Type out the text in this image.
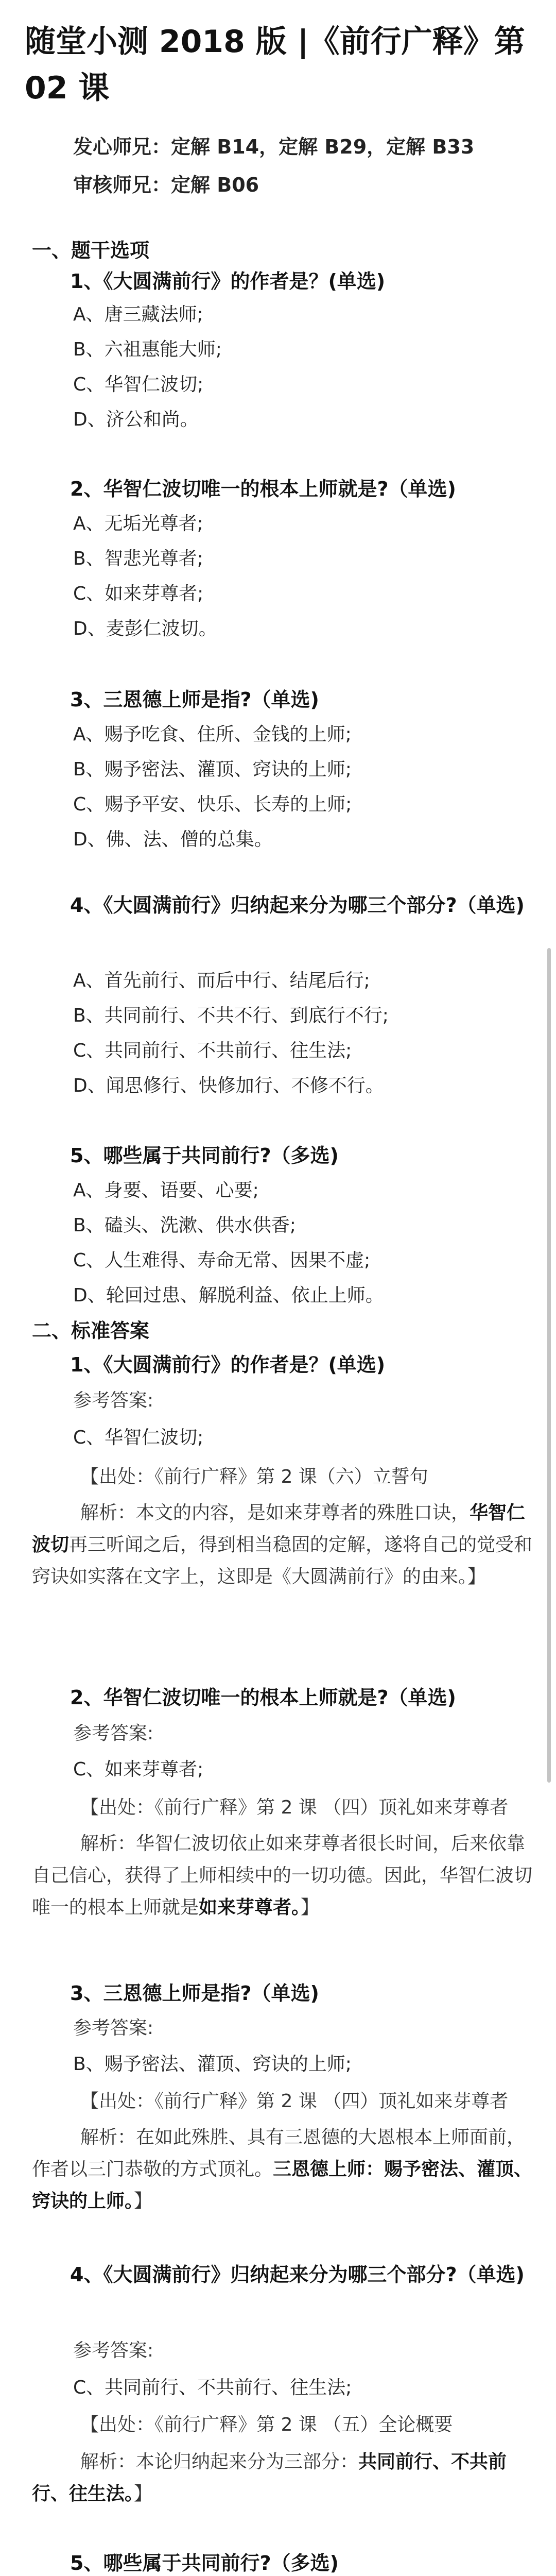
随堂小测 2018 版 |《前行广释》第 02 课
发心师兄：定解 B14，定解 B29，定解 B33
审核师兄：定解 B06
一、题干选项
1、《大圆满前行》的作者是？(单选)
A、唐三藏法师;
B、六祖惠能大师;
C、华智仁波切;
D、济公和尚。
2、华智仁波切唯一的根本上师就是?（单选)
A、无垢光尊者;
B、智悲光尊者;
C、如来芽尊者;
D、麦彭仁波切。
3、三恩德上师是指?（单选)
A、赐予吃食、住所、金钱的上师;
B、赐予密法、灌顶、窍诀的上师;
C、赐予平安、快乐、长寿的上师;
D、佛、法、僧的总集。
4、《大圆满前行》归纳起来分为哪三个部分?（单选)
A、首先前行、而后中行、结尾后行;
B、共同前行、不共不行、到底行不行;
C、共同前行、不共前行、往生法;
D、闻思修行、快修加行、不修不行。
5、哪些属于共同前行?（多选)
A、身要、语要、心要;
B、磕头、洗漱、供水供香;
C、人生难得、寿命无常、因果不虚;
D、轮回过患、解脱利益、依止上师。
二、标准答案
1、《大圆满前行》的作者是？(单选)
参考答案:
C、华智仁波切;
【出处：《前行广释》第 2 课（六）立誓句

解析：本文的内容，是如来芽尊者的殊胜口诀，华智仁波切再三听闻之后，得到相当稳固的定解，遂将自己的觉受和窍诀如实落在文字上，这即是《大圆满前行》的由来。】

2、华智仁波切唯一的根本上师就是?（单选)
参考答案:
C、如来芽尊者;
【出处：《前行广释》第 2 课 （四）顶礼如来芽尊者

解析：华智仁波切依止如来芽尊者很长时间，后来依靠自己信心，获得了上师相续中的一切功德。因此，华智仁波切唯一的根本上师就是如来芽尊者。】

3、三恩德上师是指?（单选)
参考答案:
B、赐予密法、灌顶、窍诀的上师;
【出处：《前行广释》第 2 课 （四）顶礼如来芽尊者

解析：在如此殊胜、具有三恩德的大恩根本上师面前，作者以三门恭敬的方式顶礼。三恩德上师：赐予密法、灌顶、窍诀的上师。】

4、《大圆满前行》归纳起来分为哪三个部分?（单选)
参考答案:
C、共同前行、不共前行、往生法;
【出处：《前行广释》第 2 课 （五）全论概要

解析：本论归纳起来分为三部分：共同前行、不共前行、往生法。】

5、哪些属于共同前行?（多选)
